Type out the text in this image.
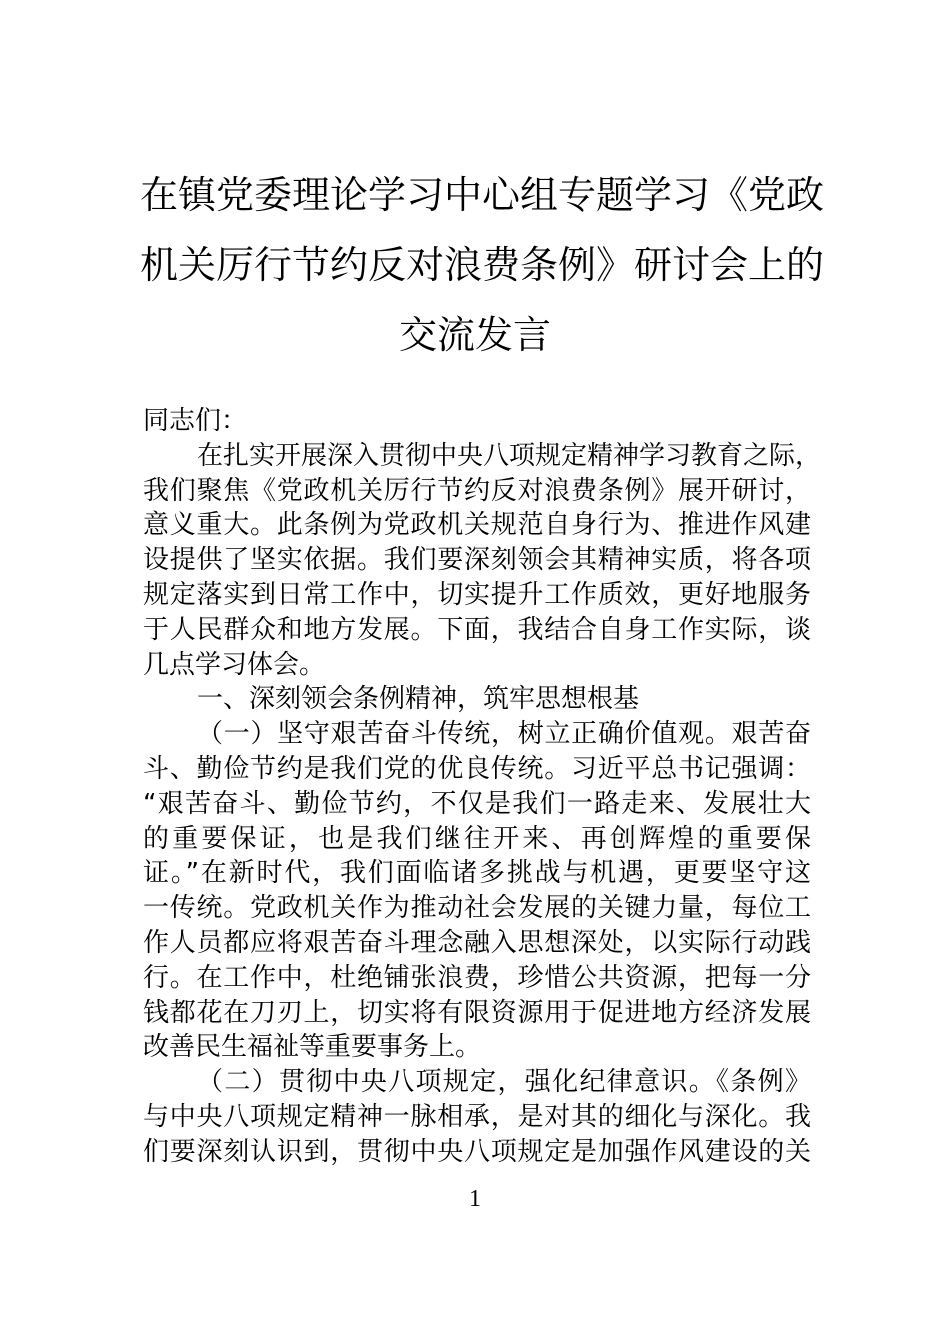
在镇党委理论学习中心组专题学习《党政
机关厉行节约反对浪费条例》研讨会上的
交流发言
同志们：
在扎实开展深入贯彻中央八项规定精神学习教育之际，
我们聚焦《党政机关厉行节约反对浪费条例》展开研讨，
意义重大。此条例为党政机关规范自身行为、推进作风建
设提供了坚实依据。我们要深刻领会其精神实质，将各项
规定落实到日常工作中，切实提升工作质效，更好地服务
于人民群众和地方发展。下面，我结合自身工作实际，谈
几点学习体会。
一、深刻领会条例精神，筑牢思想根基
（一）坚守艰苦奋斗传统，树立正确价值观。艰苦奋
斗、勤俭节约是我们党的优良传统。习近平总书记强调：
“艰苦奋斗、勤俭节约，不仅是我们一路走来、发展壮大
的重要保证，也是我们继往开来、再创辉煌的重要保
证。”在新时代，我们面临诸多挑战与机遇，更要坚守这
一传统。党政机关作为推动社会发展的关键力量，每位工
作人员都应将艰苦奋斗理念融入思想深处，以实际行动践
行。在工作中，杜绝铺张浪费，珍惜公共资源，把每一分
钱都花在刀刃上，切实将有限资源用于促进地方经济发展
改善民生福祉等重要事务上。
（二）贯彻中央八项规定，强化纪律意识。《条例》
与中央八项规定精神一脉相承，是对其的细化与深化。我
们要深刻认识到，贯彻中央八项规定是加强作风建设的关
1
